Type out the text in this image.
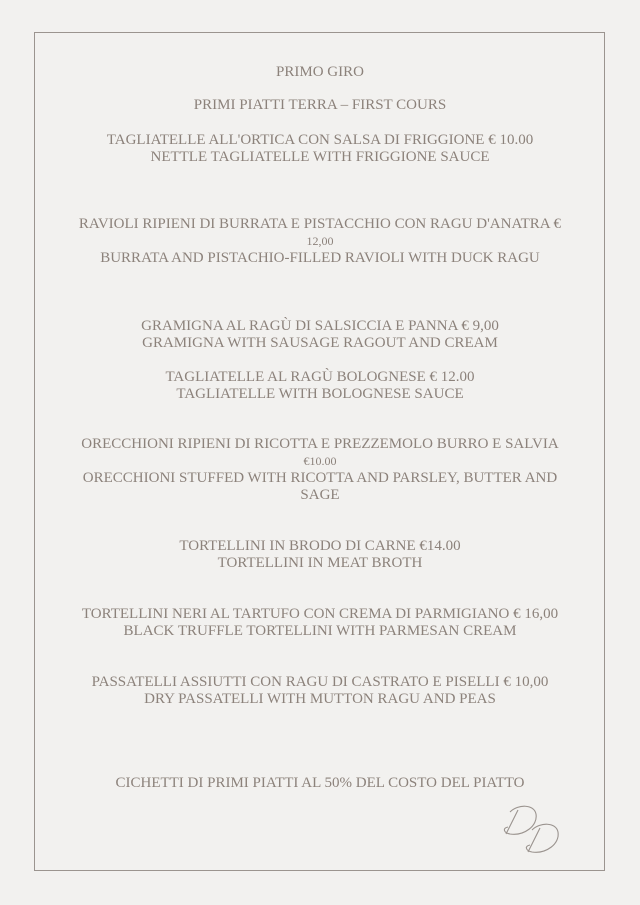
PRIMO GIRO
PRIMI PIATTI TERRA – FIRST COURS
TAGLIATELLE ALL'ORTICA CON SALSA DI FRIGGIONE € 10.00
NETTLE TAGLIATELLE WITH FRIGGIONE SAUCE
RAVIOLI RIPIENI DI BURRATA E PISTACCHIO CON RAGU D'ANATRA €
12,00
BURRATA AND PISTACHIO-FILLED RAVIOLI WITH DUCK RAGU
GRAMIGNA AL RAGÙ DI SALSICCIA E PANNA € 9,00
GRAMIGNA WITH SAUSAGE RAGOUT AND CREAM
TAGLIATELLE AL RAGÙ BOLOGNESE € 12.00
TAGLIATELLE WITH BOLOGNESE SAUCE
ORECCHIONI RIPIENI DI RICOTTA E PREZZEMOLO BURRO E SALVIA
€10.00
ORECCHIONI STUFFED WITH RICOTTA AND PARSLEY, BUTTER AND
SAGE
TORTELLINI IN BRODO DI CARNE €14.00
TORTELLINI IN MEAT BROTH
TORTELLINI NERI AL TARTUFO CON CREMA DI PARMIGIANO € 16,00
BLACK TRUFFLE TORTELLINI WITH PARMESAN CREAM
PASSATELLI ASSIUTTI CON RAGU DI CASTRATO E PISELLI € 10,00
DRY PASSATELLI WITH MUTTON RAGU AND PEAS
CICHETTI DI PRIMI PIATTI AL 50% DEL COSTO DEL PIATTO
